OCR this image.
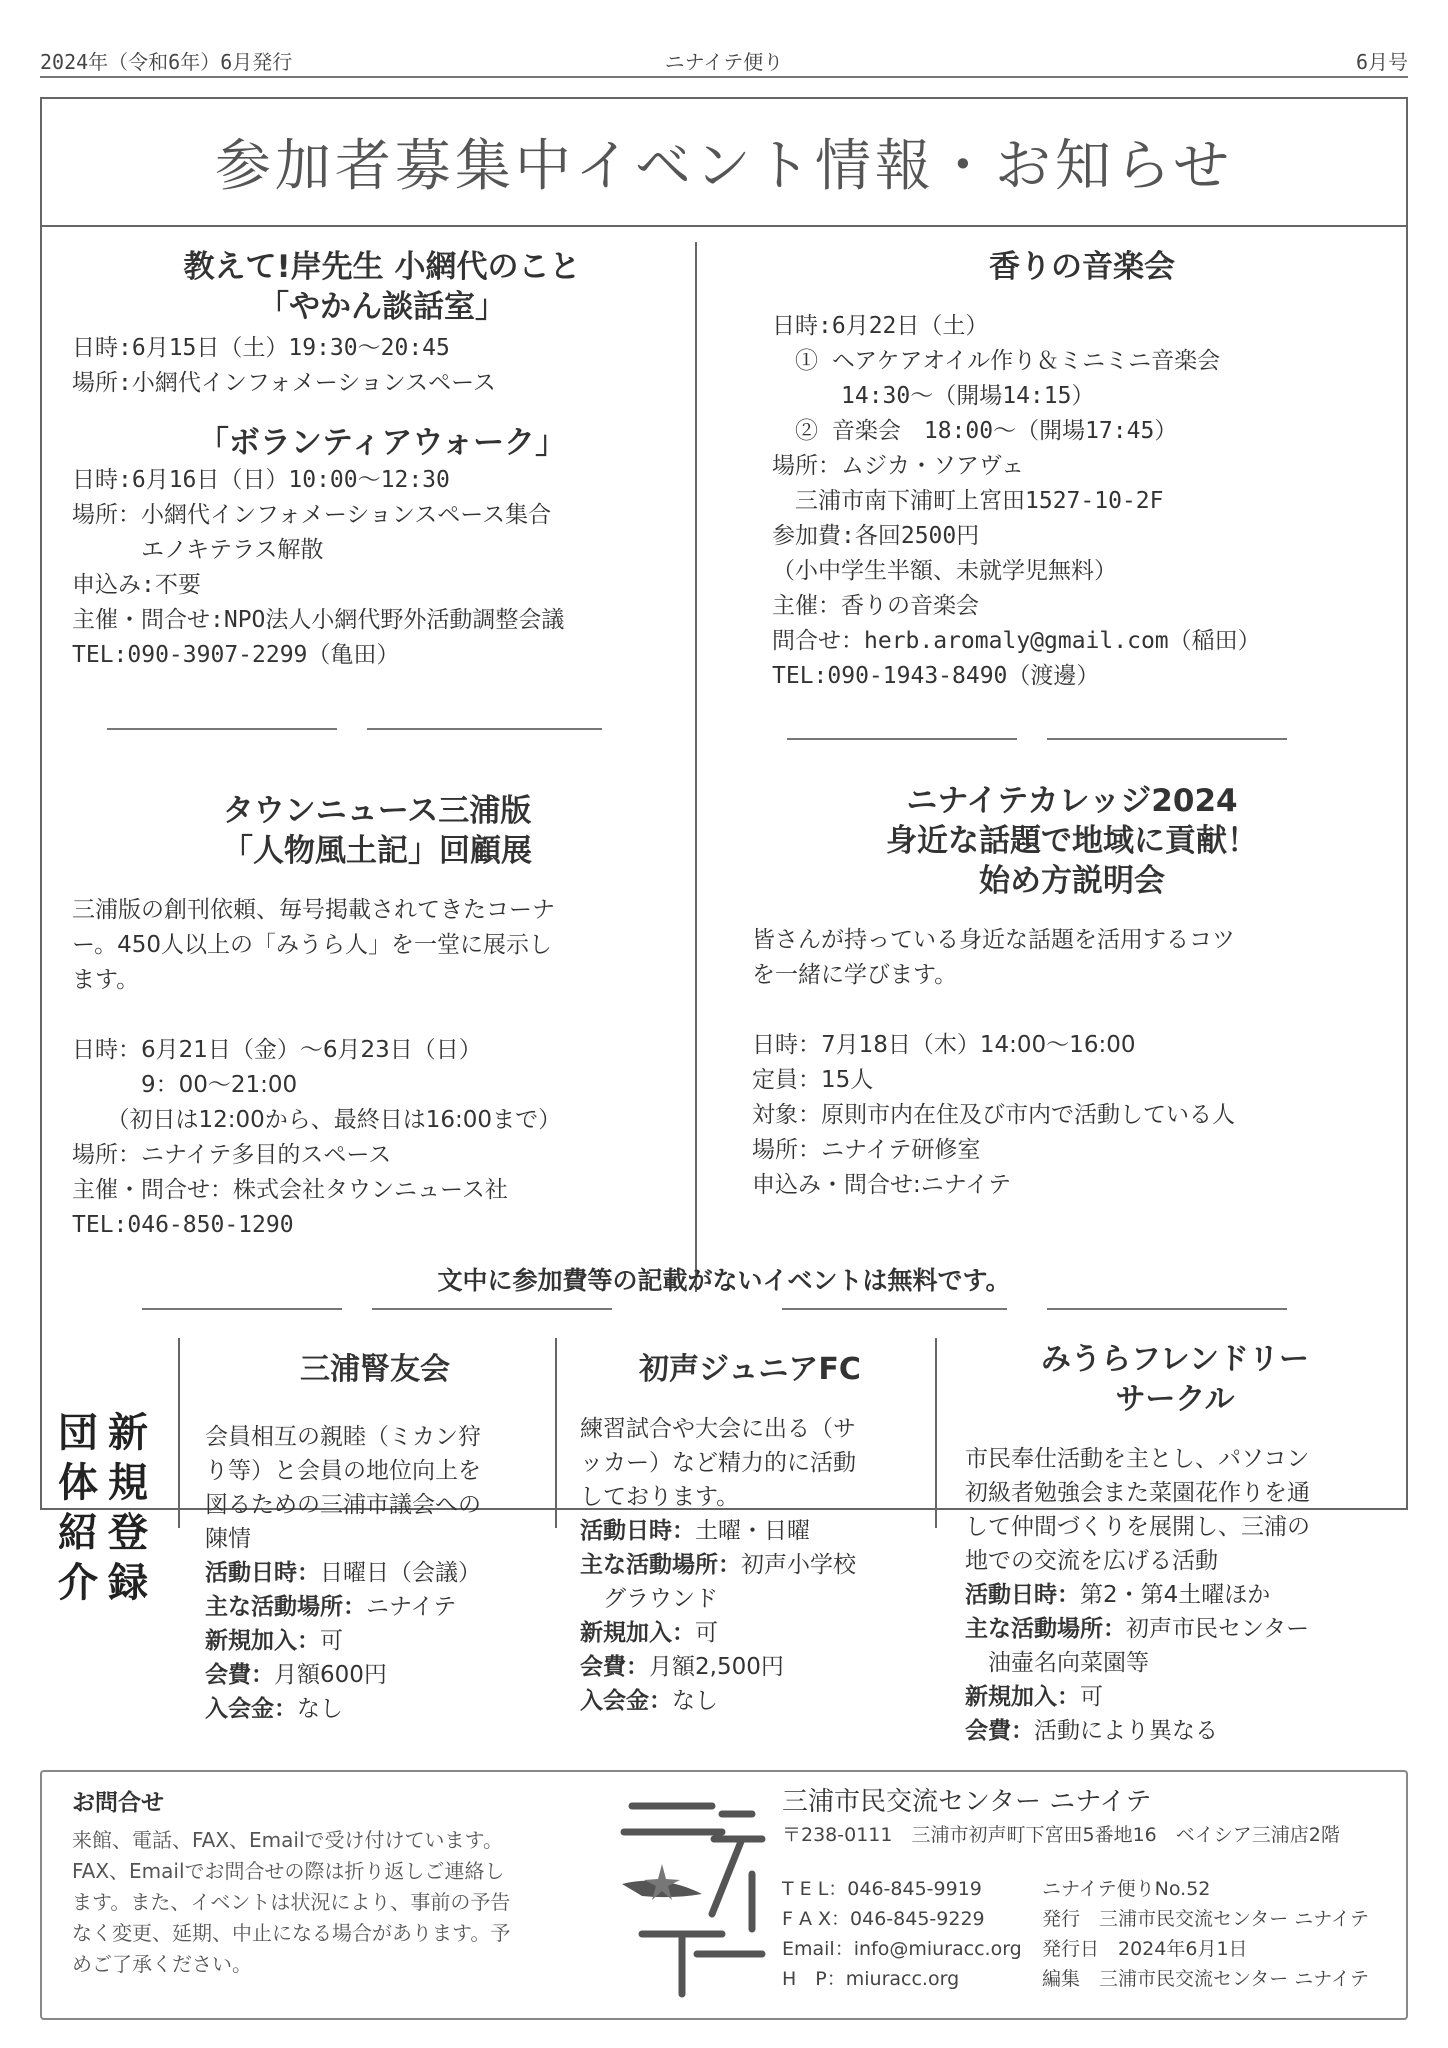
2024年（令和6年）6月発行	ニナイテ便り	6月号
参加者募集中イベント情報・お知らせ
教えて!岸先生 小網代のこと
「やかん談話室」
日時:6月15日（土）19:30～20:45
場所:小網代インフォメーションスペース
「ボランティアウォーク」
日時:6月16日（日）10:00～12:30
場所：小網代インフォメーションスペース集合
　　　エノキテラス解散
申込み:不要
主催・問合せ:NPO法人小網代野外活動調整会議
TEL:090-3907-2299（亀田）
香りの音楽会
日時:6月22日（土）
　① ヘアケアオイル作り＆ミニミニ音楽会
　　　14:30～（開場14:15）
　② 音楽会　18:00～（開場17:45）
場所：ムジカ・ソアヴェ
　三浦市南下浦町上宮田1527-10-2F
参加費:各回2500円
（小中学生半額、未就学児無料）
主催：香りの音楽会
問合せ：herb.aromaly@gmail.com（稲田）
TEL:090-1943-8490（渡邊）
タウンニュース三浦版
「人物風土記」回顧展
三浦版の創刊依頼、毎号掲載されてきたコーナ
ー。450人以上の「みうら人」を一堂に展示し
ます。

日時：6月21日（金）～6月23日（日）
　　　9：00～21:00
　　（初日は12:00から、最終日は16:00まで）
場所：ニナイテ多目的スペース
主催・問合せ：株式会社タウンニュース社
TEL:046-850-1290
ニナイテカレッジ2024
身近な話題で地域に貢献！
始め方説明会
皆さんが持っている身近な話題を活用するコツ
を一緒に学びます。

日時：7月18日（木）14:00～16:00
定員：15人
対象：原則市内在住及び市内で活動している人
場所：ニナイテ研修室
申込み・問合せ:ニナイテ
文中に参加費等の記載がないイベントは無料です。
新
規
登
録
団
体
紹
介
三浦腎友会
会員相互の親睦（ミカン狩
り等）と会員の地位向上を
図るための三浦市議会への
陳情
活動日時：日曜日（会議）
主な活動場所：ニナイテ
新規加入：可
会費：月額600円
入会金：なし
初声ジュニアFC
練習試合や大会に出る（サ
ッカー）など精力的に活動
しております。
活動日時：土曜・日曜
主な活動場所：初声小学校
　グラウンド
新規加入：可
会費：月額2,500円
入会金：なし
みうらフレンドリー
サークル
市民奉仕活動を主とし、パソコン
初級者勉強会また菜園花作りを通
して仲間づくりを展開し、三浦の
地での交流を広げる活動
活動日時：第2・第4土曜ほか
主な活動場所：初声市民センター
　油壷名向菜園等
新規加入：可
会費：活動により異なる
お問合せ
来館、電話、FAX、Emailで受け付けています。
FAX、Emailでお問合せの際は折り返しご連絡し
ます。また、イベントは状況により、事前の予告
なく変更、延期、中止になる場合があります。予
めご了承ください。
三浦市民交流センター ニナイテ
〒238-0111　三浦市初声町下宮田5番地16　ベイシア三浦店2階
T E L：046-845-9919
F A X：046-845-9229
Email：info@miuracc.org
H　P：miuracc.org
ニナイテ便りNo.52
発行　三浦市民交流センター ニナイテ
発行日　2024年6月1日
編集　三浦市民交流センター ニナイテ
